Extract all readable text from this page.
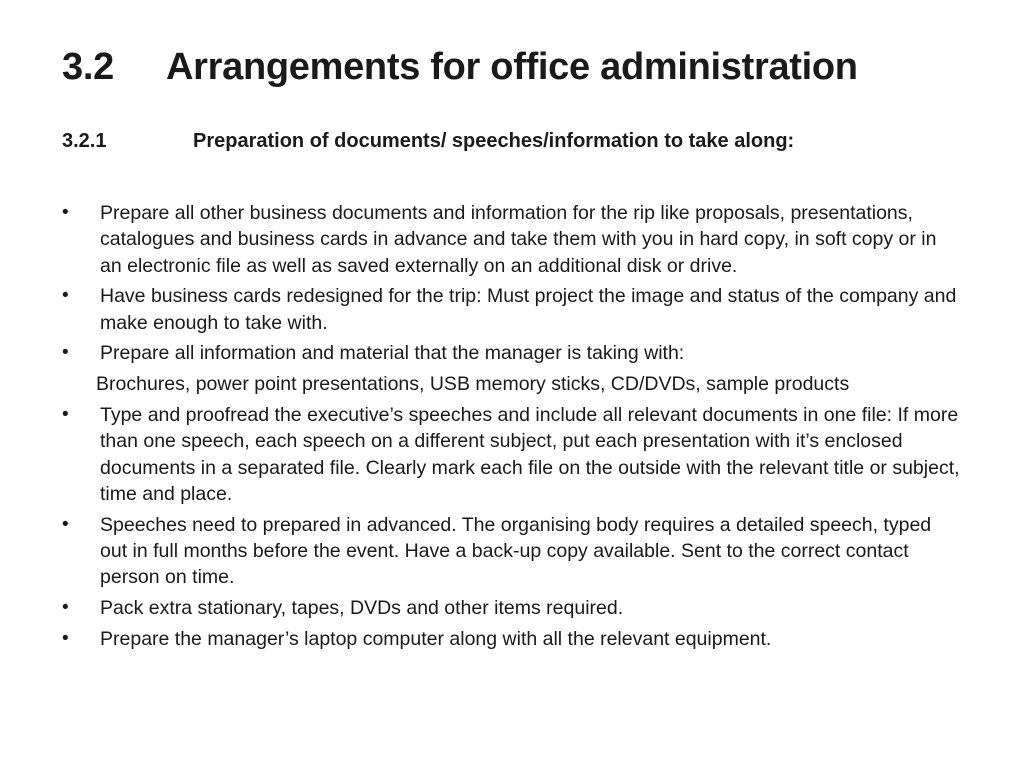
3.2 Arrangements for office administration
3.2.1	Preparation of documents/ speeches/information to take along:
• Prepare all other business documents and information for the rip like proposals, presentations, catalogues and business cards in advance and take them with you in hard copy, in soft copy or in an electronic file as well as saved externally on an additional disk or drive.
• Have business cards redesigned for the trip: Must project the image and status of the company and make enough to take with.
• Prepare all information and material that the manager is taking with:
Brochures, power point presentations, USB memory sticks, CD/DVDs, sample products
• Type and proofread the executive’s speeches and include all relevant documents in one file: If more than one speech, each speech on a different subject, put each presentation with it’s enclosed documents in a separated file. Clearly mark each file on the outside with the relevant title or subject, time and place.
• Speeches need to prepared in advanced. The organising body requires a detailed speech, typed out in full months before the event. Have a back-up copy available. Sent to the correct contact person on time.
• Pack extra stationary, tapes, DVDs and other items required.
• Prepare the manager’s laptop computer along with all the relevant equipment.
